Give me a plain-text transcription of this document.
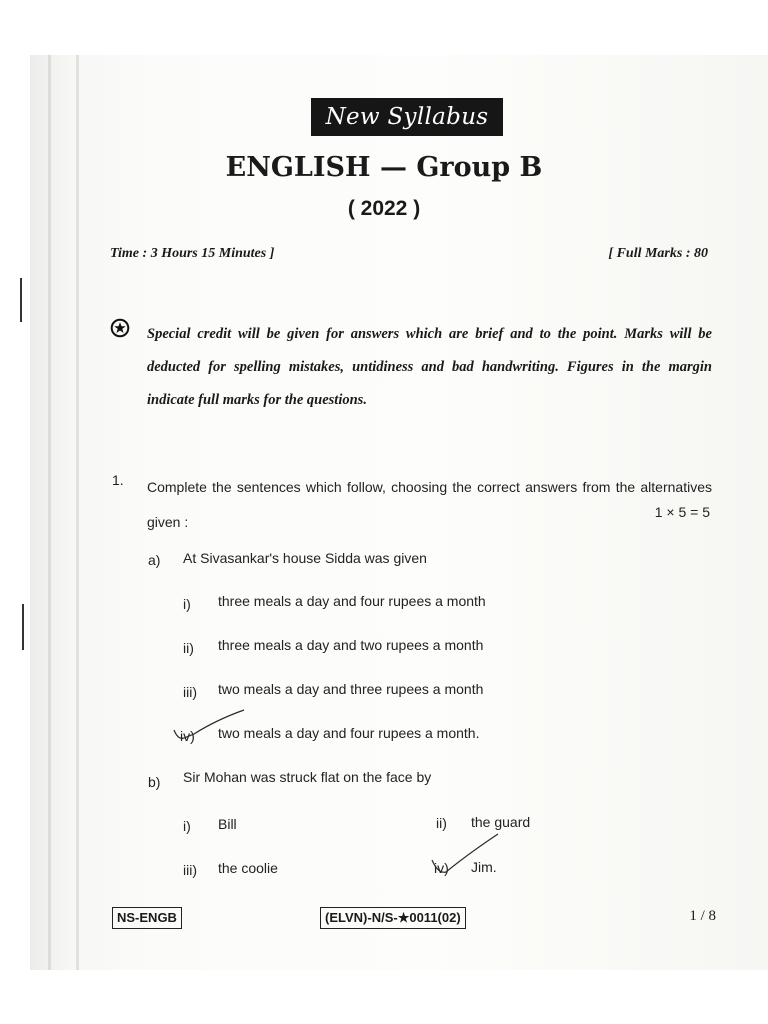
New Syllabus
ENGLISH — Group B
( 2022 )
Time : 3 Hours 15 Minutes ]	[ Full Marks : 80
Special credit will be given for answers which are brief and to the point. Marks will be deducted for spelling mistakes, untidiness and bad handwriting. Figures in the margin indicate full marks for the questions.
1. Complete the sentences which follow, choosing the correct answers from the alternatives given :
1 × 5 = 5
a) At Sivasankar's house Sidda was given
i) three meals a day and four rupees a month
ii) three meals a day and two rupees a month
iii) two meals a day and three rupees a month
iv) two meals a day and four rupees a month.
b) Sir Mohan was struck flat on the face by
i) Bill	ii) the guard
iii) the coolie	iv) Jim.
NS-ENGB	(ELVN)-N/S-★0011(02)	1 / 8
